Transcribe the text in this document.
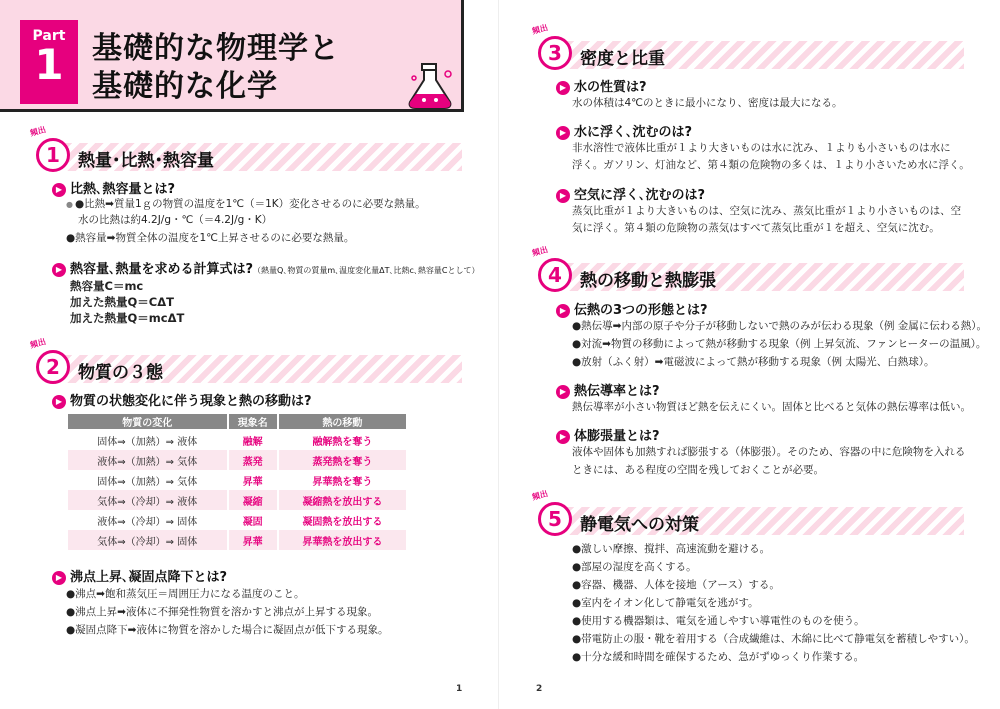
Part
1 基礎的な物理学と
基礎的な化学
1
頻出
熱量･比熱･熱容量
▶ 比熱､熱容量とは?
● ●比熱➡質量1ｇの物質の温度を1℃（＝1K）変化させるのに必要な熱量。
水の比熱は約4.2J/g・℃（＝4.2J/g・K）
●熱容量➡物質全体の温度を1℃上昇させるのに必要な熱量。
▶ 熱容量､熱量を求める計算式は?（熱量Q､物質の質量m､温度変化量ΔT､比熱c､熱容量Cとして）
熱容量C＝mc
加えた熱量Q＝CΔT
加えた熱量Q＝mcΔT
2
頻出
物質の３態
▶ 物質の状態変化に伴う現象と熱の移動は?
物質の変化	現象名	熱の移動
固体⇒（加熱）⇒ 液体	融解	融解熱を奪う
液体⇒（加熱）⇒ 気体	蒸発	蒸発熱を奪う
固体⇒（加熱）⇒ 気体	昇華	昇華熱を奪う
気体⇒（冷却）⇒ 液体	凝縮	凝縮熱を放出する
液体⇒（冷却）⇒ 固体	凝固	凝固熱を放出する
気体⇒（冷却）⇒ 固体	昇華	昇華熱を放出する
▶ 沸点上昇､凝固点降下とは?
●沸点➡飽和蒸気圧＝周囲圧力になる温度のこと。
●沸点上昇➡液体に不揮発性物質を溶かすと沸点が上昇する現象。
●凝固点降下➡液体に物質を溶かした場合に凝固点が低下する現象。
1
3
頻出
密度と比重
▶ 水の性質は?
水の体積は4℃のときに最小になり、密度は最大になる。
▶ 水に浮く､沈むのは?
非水溶性で液体比重が１より大きいものは水に沈み、１よりも小さいものは水に
浮く。ガソリン、灯油など、第４類の危険物の多くは、１より小さいため水に浮く。
▶ 空気に浮く､沈むのは?
蒸気比重が１より大きいものは、空気に沈み、蒸気比重が１より小さいものは、空
気に浮く。第４類の危険物の蒸気はすべて蒸気比重が１を超え、空気に沈む。
4
頻出
熱の移動と熱膨張
▶ 伝熱の3つの形態とは?
●熱伝導➡内部の原子や分子が移動しないで熱のみが伝わる現象（例 金属に伝わる熱）。
●対流➡物質の移動によって熱が移動する現象（例 上昇気流、ファンヒーターの温風）。
●放射（ふく射）➡電磁波によって熱が移動する現象（例 太陽光、白熱球）。
▶ 熱伝導率とは?
熱伝導率が小さい物質ほど熱を伝えにくい。固体と比べると気体の熱伝導率は低い。
▶ 体膨張量とは?
液体や固体も加熱すれば膨張する（体膨張）。そのため、容器の中に危険物を入れる
ときには、ある程度の空間を残しておくことが必要。
5
頻出
静電気への対策
●激しい摩擦、撹拌、高速流動を避ける。
●部屋の湿度を高くする。
●容器、機器、人体を接地（アース）する。
●室内をイオン化して静電気を逃がす。
●使用する機器類は、電気を通しやすい導電性のものを使う。
●帯電防止の服・靴を着用する（合成繊維は、木綿に比べて静電気を蓄積しやすい）。
●十分な緩和時間を確保するため、急がずゆっくり作業する。
2
